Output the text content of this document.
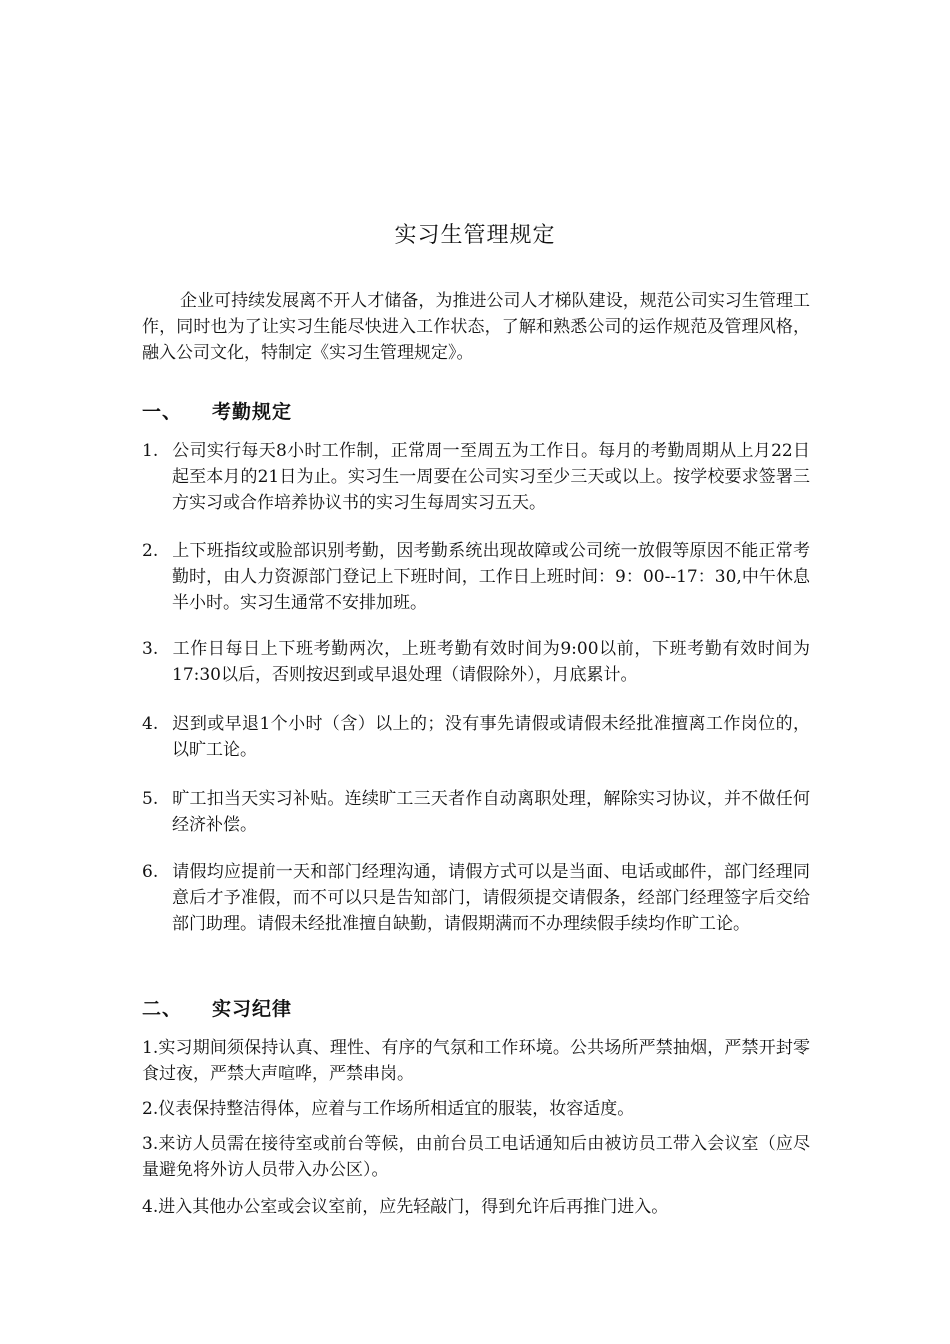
实习生管理规定
企业可持续发展离不开人才储备，为推进公司人才梯队建设，规范公司实习生管理工作，同时也为了让实习生能尽快进入工作状态，了解和熟悉公司的运作规范及管理风格，融入公司文化，特制定《实习生管理规定》。
一、 考勤规定
1. 公司实行每天8小时工作制，正常周一至周五为工作日。每月的考勤周期从上月22日起至本月的21日为止。实习生一周要在公司实习至少三天或以上。按学校要求签署三方实习或合作培养协议书的实习生每周实习五天。
2. 上下班指纹或脸部识别考勤，因考勤系统出现故障或公司统一放假等原因不能正常考勤时，由人力资源部门登记上下班时间，工作日上班时间：9：00--17：30,中午休息半小时。实习生通常不安排加班。
3. 工作日每日上下班考勤两次，上班考勤有效时间为9:00以前，下班考勤有效时间为17:30以后，否则按迟到或早退处理（请假除外），月底累计。
4. 迟到或早退1个小时（含）以上的；没有事先请假或请假未经批准擅离工作岗位的，以旷工论。
5. 旷工扣当天实习补贴。连续旷工三天者作自动离职处理，解除实习协议，并不做任何经济补偿。
6. 请假均应提前一天和部门经理沟通，请假方式可以是当面、电话或邮件，部门经理同意后才予准假，而不可以只是告知部门，请假须提交请假条，经部门经理签字后交给部门助理。请假未经批准擅自缺勤，请假期满而不办理续假手续均作旷工论。
二、 实习纪律
1.实习期间须保持认真、理性、有序的气氛和工作环境。公共场所严禁抽烟，严禁开封零食过夜，严禁大声喧哗，严禁串岗。
2.仪表保持整洁得体，应着与工作场所相适宜的服装，妆容适度。
3.来访人员需在接待室或前台等候，由前台员工电话通知后由被访员工带入会议室（应尽量避免将外访人员带入办公区）。
4.进入其他办公室或会议室前，应先轻敲门，得到允许后再推门进入。
